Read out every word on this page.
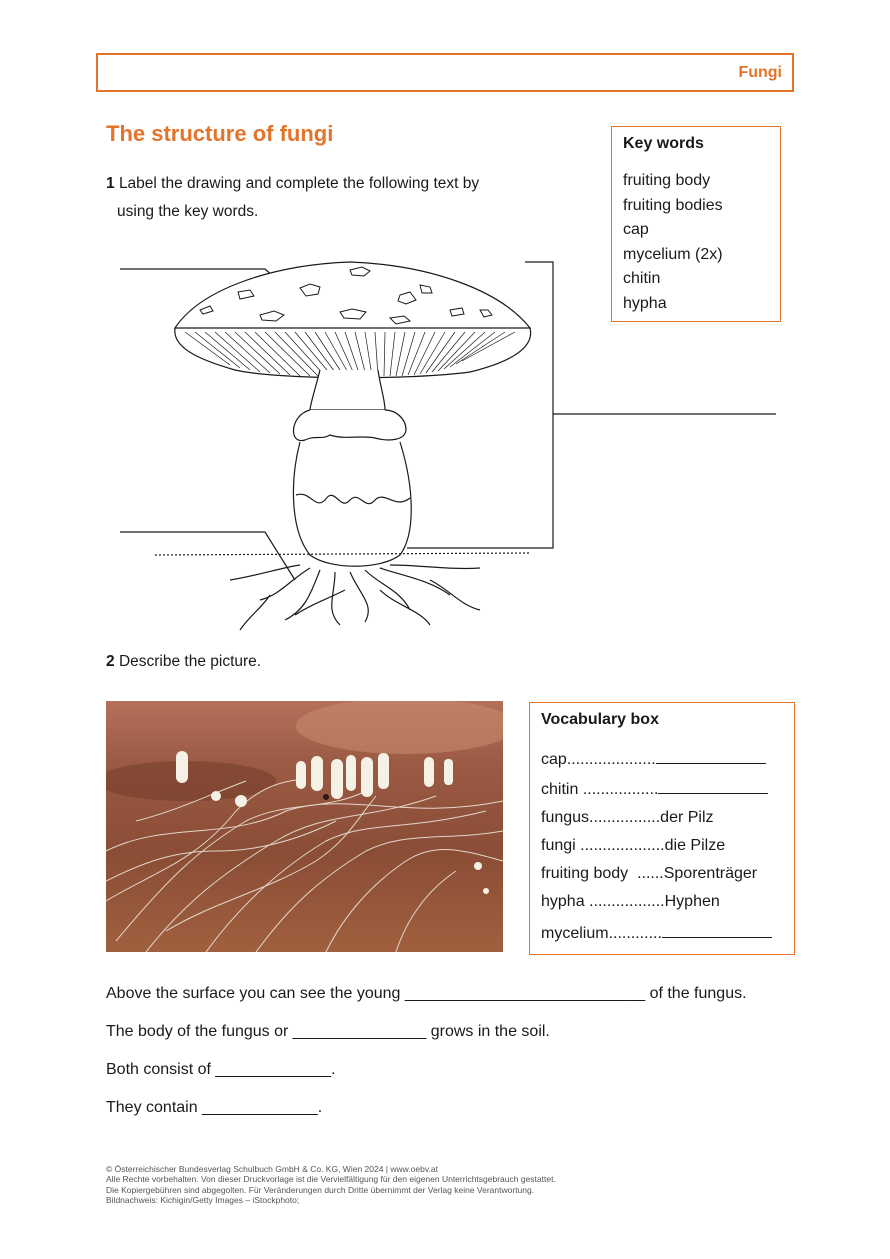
Fungi
The structure of fungi
1 Label the drawing and complete the following text by
using the key words.
Key words
fruiting body
fruiting bodies
cap
mycelium (2x)
chitin
hypha
2 Describe the picture.
Vocabulary box
cap....................
chitin .................
fungus................der Pilz
fungi ...................die Pilze
fruiting body  ......Sporenträger
hypha .................Hyphen
mycelium............
Above the surface you can see the young ___________________________ of the fungus.
The body of the fungus or _______________ grows in the soil.
Both consist of _____________.
They contain _____________.
© Österreichischer Bundesverlag Schulbuch GmbH & Co. KG, Wien 2024 | www.oebv.at
Alle Rechte vorbehalten. Von dieser Druckvorlage ist die Vervielfältigung für den eigenen Unterrichtsgebrauch gestattet.
Die Kopiergebühren sind abgegolten. Für Veränderungen durch Dritte übernimmt der Verlag keine Verantwortung.
Bildnachweis: Kichigin/Getty Images – iStockphoto;
